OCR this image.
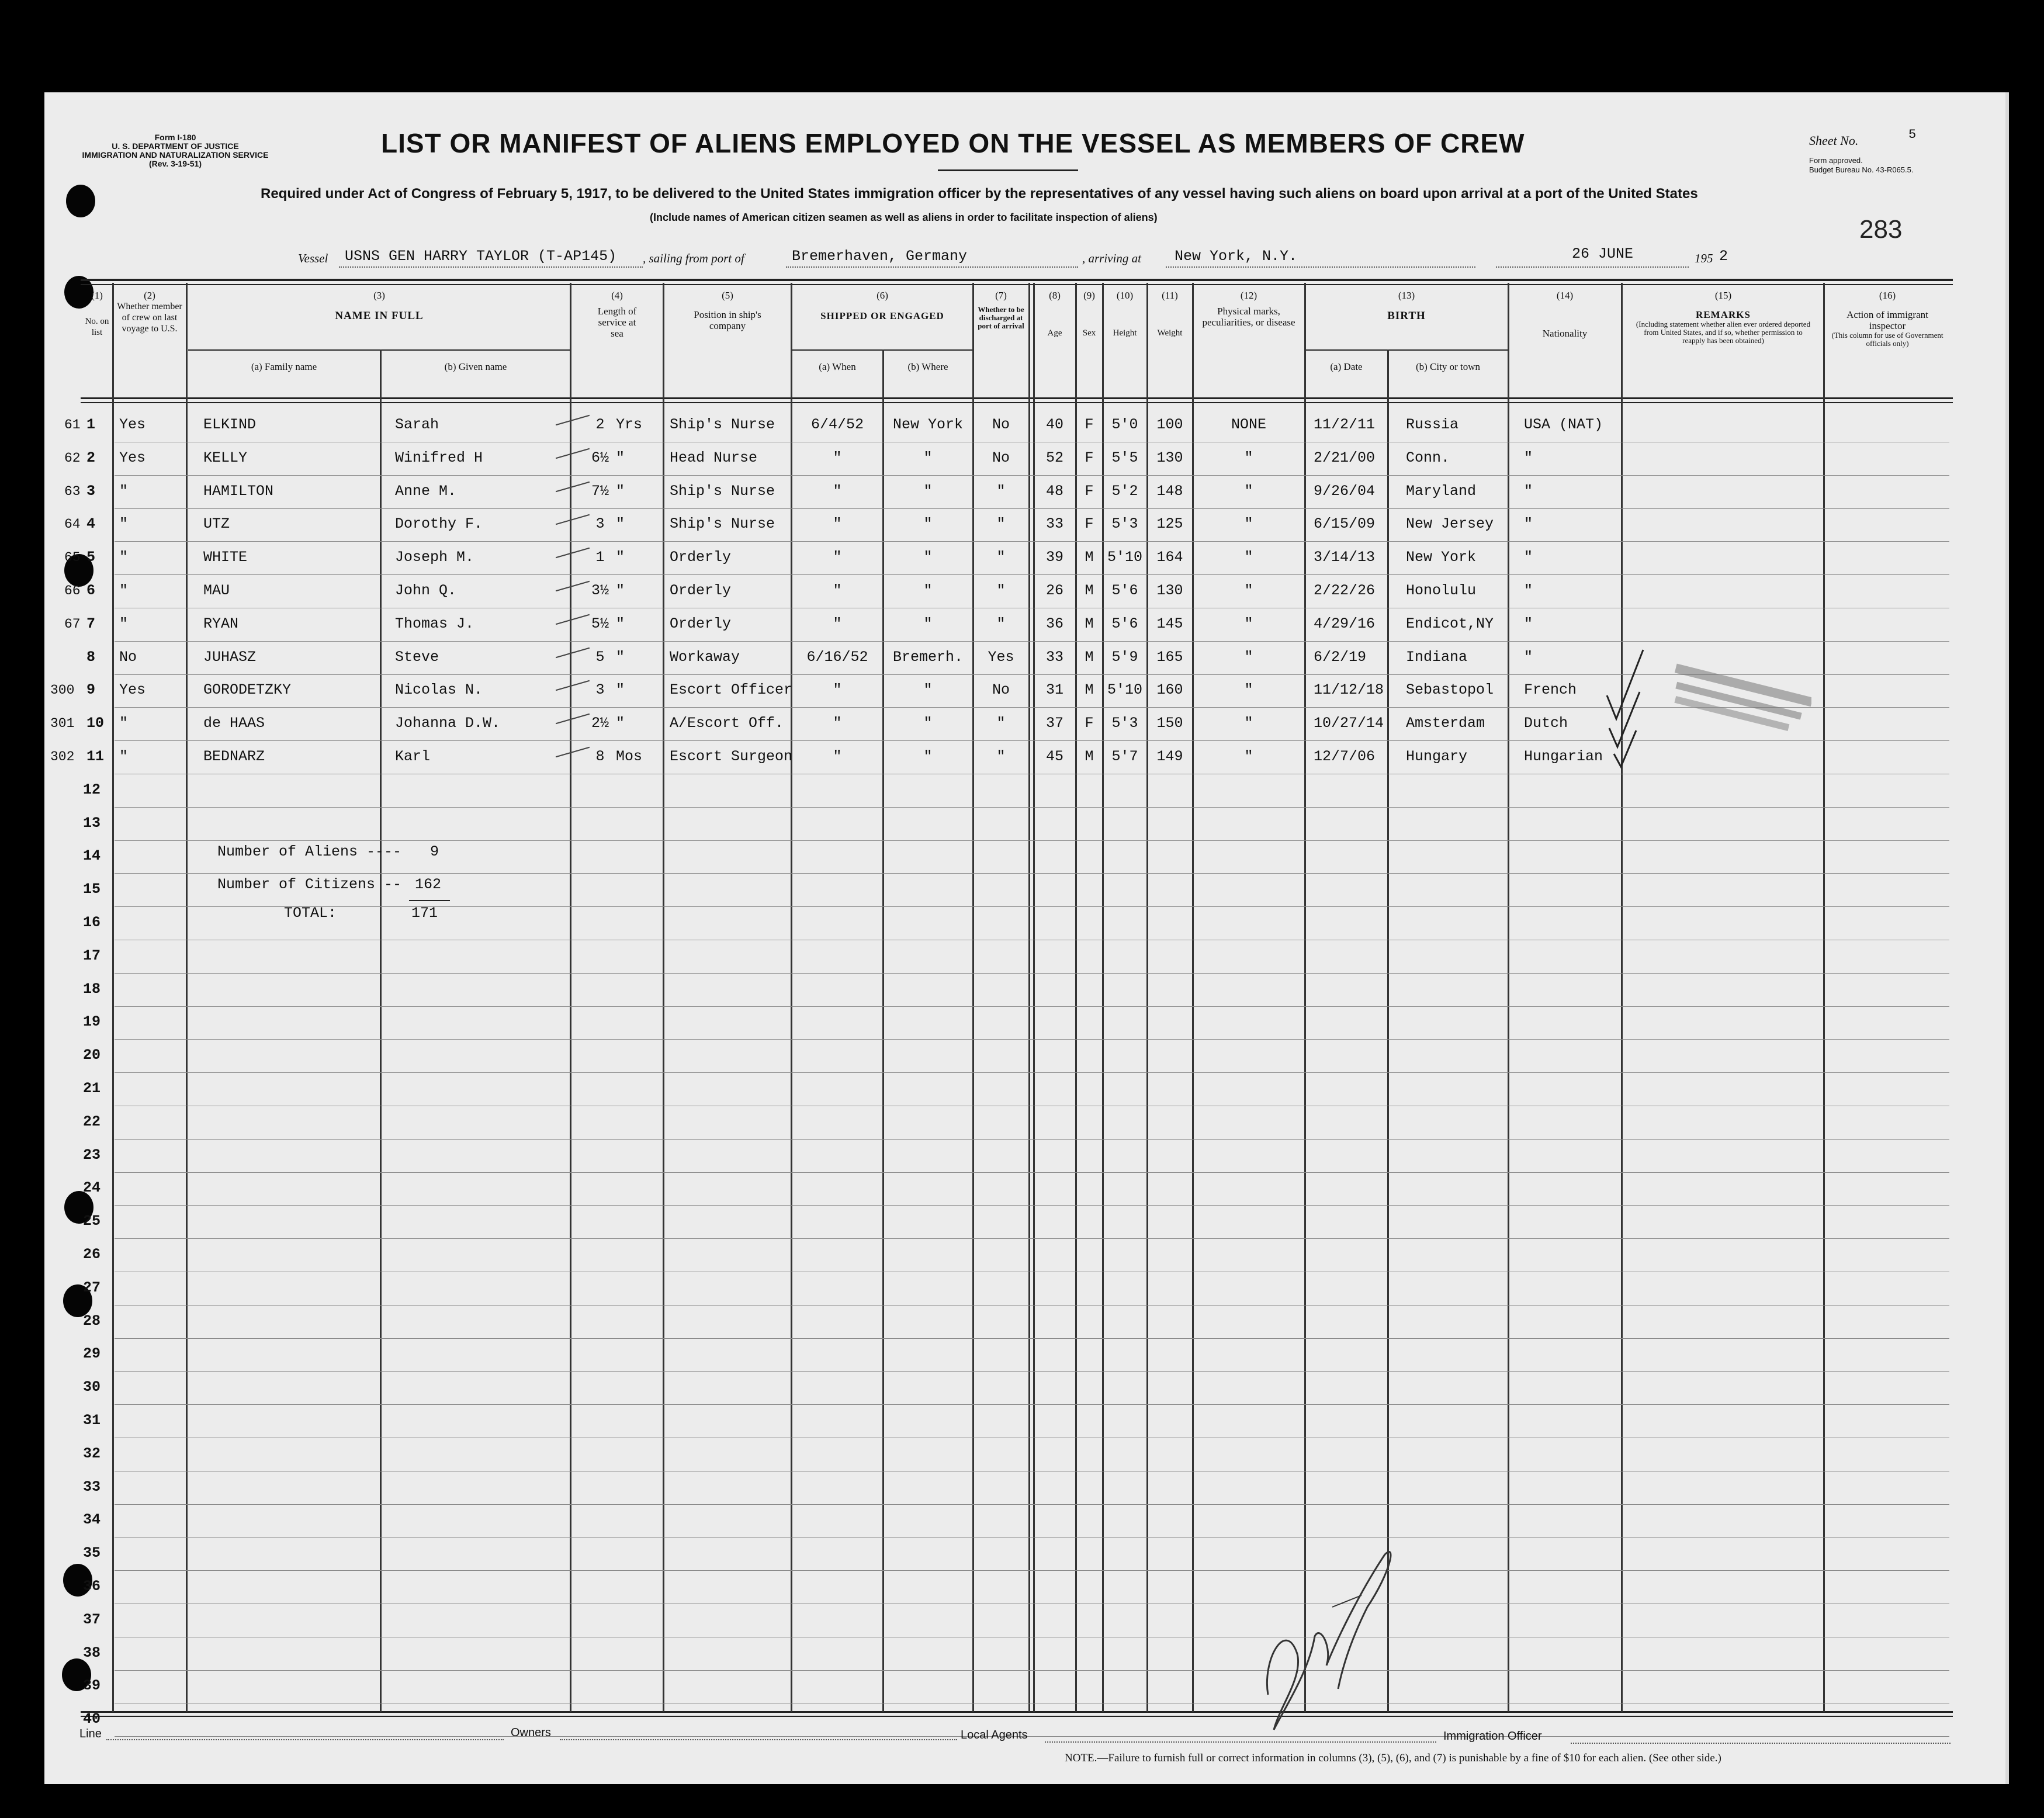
Form I-180
U. S. DEPARTMENT OF JUSTICE
IMMIGRATION AND NATURALIZATION SERVICE
(Rev. 3-19-51)
LIST OR MANIFEST OF ALIENS EMPLOYED ON THE VESSEL AS MEMBERS OF CREW
Required under Act of Congress of February 5, 1917, to be delivered to the United States immigration officer by the representatives of any vessel having such aliens on board upon arrival at a port of the United States
(Include names of American citizen seamen as well as aliens in order to facilitate inspection of aliens)
Sheet No.	5
Form approved.
Budget Bureau No. 43-R065.5.
283
Vessel USNS GEN HARRY TAYLOR (T-AP145) , sailing from port of	Bremerhaven, Germany	, arriving at New York, N.Y.	26 JUNE	195 2
(1)
No. on list
(2)
Whether member of crew on last voyage to U.S.
(3)
NAME IN FULL
(a) Family name	(b) Given name
(4)
Length of service at sea
(5)
Position in ship's company
(6)
SHIPPED OR ENGAGED
(a) When	(b) Where
(7)
Whether to be discharged at port of arrival
(8)
Age
(9)
Sex
(10)
Height
(11)
Weight
(12)
Physical marks, peculiarities, or disease
(13)
BIRTH
(a) Date	(b) City or town
(14)
Nationality
(15)
REMARKS
(Including statement whether alien ever ordered deported from United States, and if so, whether permission to reapply has been obtained)
(16)
Action of immigrant inspector
(This column for use of Government officials only)
61 1 Yes	ELKIND	Sarah	2 Yrs Ship's Nurse	6/4/52	New York	No	40	F	5'0	100	NONE	11/2/11 Russia	USA (NAT)
62 2 Yes	KELLY	Winifred H	6½ "	Head Nurse	"	"	No	52	F	5'5	130	"	2/21/00 Conn.	"
63 3 "	HAMILTON	Anne M.	7½ "	Ship's Nurse	"	"	"	48	F	5'2	148	"	9/26/04 Maryland	"
64 4 "	UTZ	Dorothy F.	3 "	Ship's Nurse	"	"	"	33	F	5'3	125	"	6/15/09 New Jersey "
65 5 "	WHITE	Joseph M.	1 "	Orderly	"	"	"	39	M 5'10 164	"	3/14/13 New York	"
66 6 "	MAU	John Q.	3½ "	Orderly	"	"	"	26	M	5'6	130	"	2/22/26 Honolulu	"
67 7 "	RYAN	Thomas J.	5½ "	Orderly	"	"	"	36	M	5'6	145	"	4/29/16 Endicot,NY "
8 No	JUHASZ	Steve	5 "	Workaway	6/16/52	Bremerh.	Yes	33	M	5'9	165	"	6/2/19	Indiana	"
300 9 Yes	GORODETZKY	Nicolas N.	3 "	Escort Officer	"	"	No	31	M 5'10 160	"	11/12/18 Sebastopol French
301 10 "	de HAAS	Johanna D.W.	2½ "	A/Escort Off.	"	"	"	37	F	5'3	150	"	10/27/14 Amsterdam	Dutch
302 11 "	BEDNARZ	Karl	8 Mos Escort Surgeon	"	"	"	45	M	5'7	149	"	12/7/06 Hungary	Hungarian
12
13
14
15
16
17
18
19
20
21
22
23
24
25
26
27
28
29
30
31
32
33
34
35
36
37
38
39
40
Number of Aliens ---- 9
Number of Citizens -- 162
TOTAL:	171
Line	Owners	Local Agents	Immigration Officer
NOTE.—Failure to furnish full or correct information in columns (3), (5), (6), and (7) is punishable by a fine of $10 for each alien. (See other side.)
